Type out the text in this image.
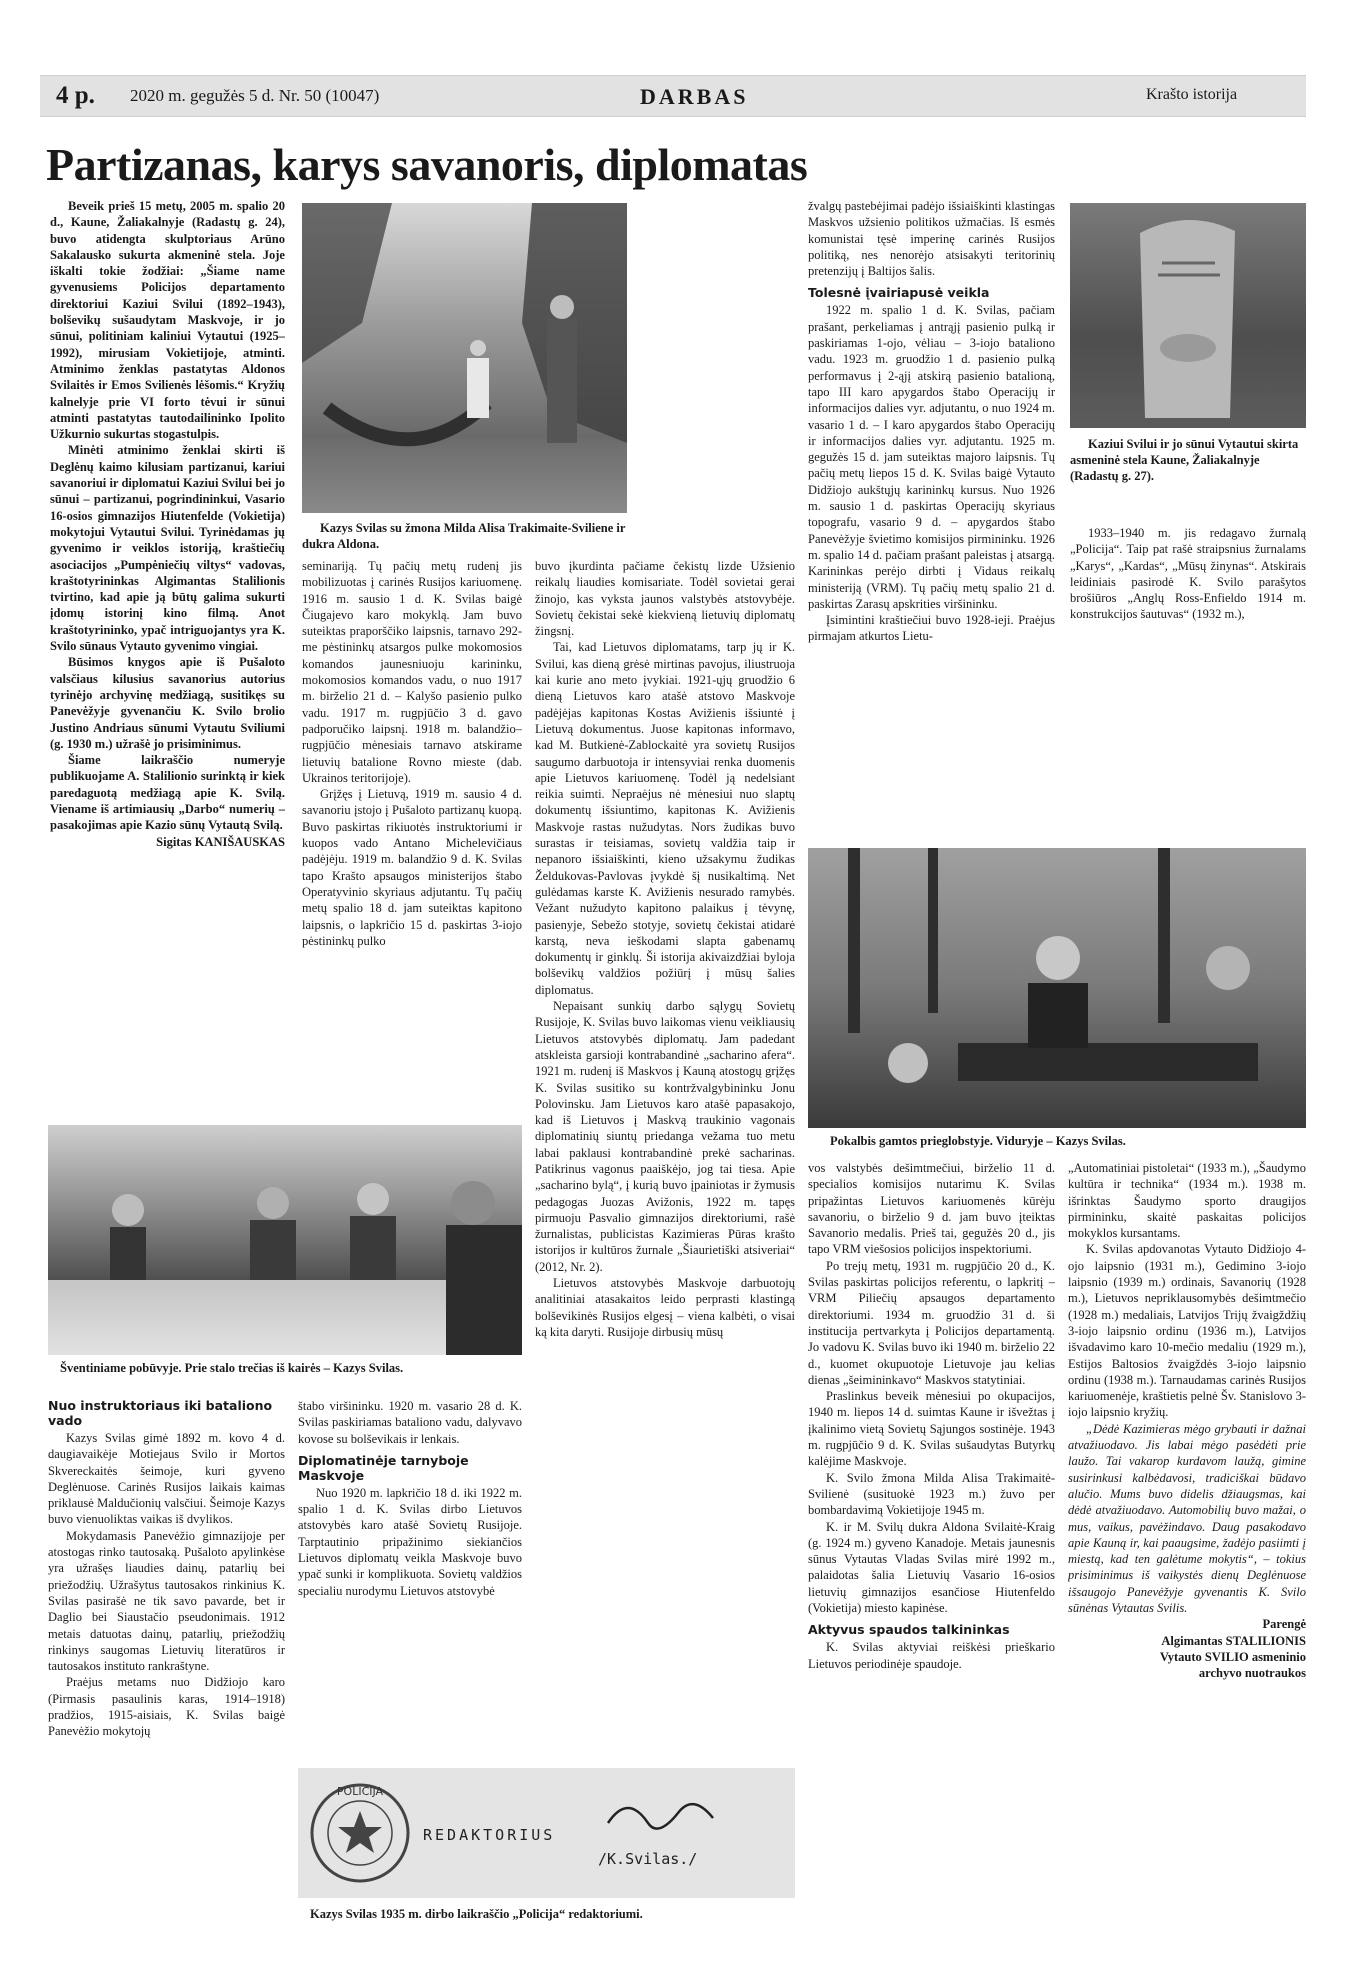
4 p. 2020 m. gegužės 5 d. Nr. 50 (10047)	DARBAS	Krašto istorija
Partizanas, karys savanoris, diplomatas

Beveik prieš 15 metų, 2005 m. spalio 20 d., Kaune, Žaliakalnyje (Radastų g. 24), buvo atidengta skulptoriaus Arūno Sakalausko sukurta akmeninė stela. Joje iškalti tokie žodžiai: „Šiame name gyvenusiems Policijos departamento direktoriui Kaziui Svilui (1892–1943), bolševikų sušaudytam Maskvoje, ir jo sūnui, politiniam kaliniui Vytautui (1925–1992), mirusiam Vokietijoje, atminti. Atminimo ženklas pastatytas Aldonos Svilaitės ir Emos Svilienės lėšomis.“ Kryžių kalnelyje prie VI forto tėvui ir sūnui atminti pastatytas tautodailininko Ipolito Užkurnio sukurtas stogastulpis.

Minėti atminimo ženklai skirti iš Deglėnų kaimo kilusiam partizanui, kariui savanoriui ir diplomatui Kaziui Svilui bei jo sūnui – partizanui, pogrindininkui, Vasario 16-osios gimnazijos Hiutenfelde (Vokietija) mokytojui Vytautui Svilui. Tyrinėdamas jų gyvenimo ir veiklos istoriją, kraštiečių asociacijos „Pumpėniečių viltys“ vadovas, kraštotyrininkas Algimantas Stalilionis tvirtino, kad apie ją būtų galima sukurti įdomų istorinį kino filmą. Anot kraštotyrininko, ypač intriguojantys yra K. Svilo sūnaus Vytauto gyvenimo vingiai.

Būsimos knygos apie iš Pušaloto valsčiaus kilusius savanorius autorius tyrinėjo archyvinę medžiagą, susitikęs su Panevėžyje gyvenančiu K. Svilo brolio Justino Andriaus sūnumi Vytautu Sviliumi (g. 1930 m.) užrašė jo prisiminimus.

Šiame laikraščio numeryje publikuojame A. Stalilionio surinktą ir kiek paredaguotą medžiagą apie K. Svilą. Viename iš artimiausių „Darbo“ numerių – pasakojimas apie Kazio sūnų Vytautą Svilą.

Sigitas KANIŠAUSKAS
Kazys Svilas su žmona Milda Alisa Trakimaite-Sviliene ir dukra Aldona.

seminariją. Tų pačių metų rudenį jis mobilizuotas į carinės Rusijos kariuomenę. 1916 m. sausio 1 d. K. Svilas baigė Čiugajevo karo mokyklą. Jam buvo suteiktas praporščiko laipsnis, tarnavo 292-me pėstininkų atsargos pulke mokomosios komandos jaunesniuoju karininku, mokomosios komandos vadu, o nuo 1917 m. birželio 21 d. – Kalyšo pasienio pulko vadu. 1917 m. rugpjūčio 3 d. gavo padporučiko laipsnį. 1918 m. balandžio–rugpjūčio mėnesiais tarnavo atskirame lietuvių batalione Rovno mieste (dab. Ukrainos teritorijoje).

Grįžęs į Lietuvą, 1919 m. sausio 4 d. savanoriu įstojo į Pušaloto partizanų kuopą. Buvo paskirtas rikiuotės instruktoriumi ir kuopos vado Antano Michelevičiaus padėjėju. 1919 m. balandžio 9 d. K. Svilas tapo Krašto apsaugos ministerijos štabo Operatyvinio skyriaus adjutantu. Tų pačių metų spalio 18 d. jam suteiktas kapitono laipsnis, o lapkričio 15 d. paskirtas 3-iojo pėstininkų pulko

buvo įkurdinta pačiame čekistų lizde Užsienio reikalų liaudies komisariate. Todėl sovietai gerai žinojo, kas vyksta jaunos valstybės atstovybėje. Sovietų čekistai sekė kiekvieną lietuvių diplomatų žingsnį.

Tai, kad Lietuvos diplomatams, tarp jų ir K. Svilui, kas dieną grėsė mirtinas pavojus, iliustruoja kai kurie ano meto įvykiai. 1921-ųjų gruodžio 6 dieną Lietuvos karo atašė atstovo Maskvoje padėjėjas kapitonas Kostas Avižienis išsiuntė į Lietuvą dokumentus. Juose kapitonas informavo, kad M. Butkienė-Zablockaitė yra sovietų Rusijos saugumo darbuotoja ir intensyviai renka duomenis apie Lietuvos kariuomenę. Todėl ją nedelsiant reikia suimti. Nepraėjus nė mėnesiui nuo slaptų dokumentų išsiuntimo, kapitonas K. Avižienis Maskvoje rastas nužudytas. Nors žudikas buvo surastas ir teisiamas, sovietų valdžia taip ir nepanoro išsiaiškinti, kieno užsakymu žudikas Želdukovas-Pavlovas įvykdė šį nusikaltimą. Net gulėdamas karste K. Avižienis nesurado ramybės. Vežant nužudyto kapitono palaikus į tėvynę, pasienyje, Sebežo stotyje, sovietų čekistai atidarė karstą, neva ieškodami slapta gabenamų dokumentų ir ginklų. Ši istorija akivaizdžiai byloja bolševikų valdžios požiūrį į mūsų šalies diplomatus.

Nepaisant sunkių darbo sąlygų Sovietų Rusijoje, K. Svilas buvo laikomas vienu veikliausių Lietuvos atstovybės diplomatų. Jam padedant atskleista garsioji kontrabandinė „sacharino afera“. 1921 m. rudenį iš Maskvos į Kauną atostogų grįžęs K. Svilas susitiko su kontržvalgybininku Jonu Polovinsku. Jam Lietuvos karo atašė papasakojo, kad iš Lietuvos į Maskvą traukinio vagonais diplomatinių siuntų priedanga vežama tuo metu labai paklausi kontrabandinė prekė sacharinas. Patikrinus vagonus paaiškėjo, jog tai tiesa. Apie „sacharino bylą“, į kurią buvo įpainiotas ir žymusis pedagogas Juozas Avižonis, 1922 m. tapęs pirmuoju Pasvalio gimnazijos direktoriumi, rašė žurnalistas, publicistas Kazimieras Pūras krašto istorijos ir kultūros žurnale „Šiaurietiški atsiveriai“ (2012, Nr. 2).

Lietuvos atstovybės Maskvoje darbuotojų analitiniai atasakaitos leido perprasti klastingą bolševikinės Rusijos elgesį – viena kalbėti, o visai ką kita daryti. Rusijoje dirbusių mūsų

žvalgų pastebėjimai padėjo išsiaiškinti klastingas Maskvos užsienio politikos užmačias. Iš esmės komunistai tęsė imperinę carinės Rusijos politiką, nes nenorėjo atsisakyti teritorinių pretenzijų į Baltijos šalis.

Tolesnė įvairiapusė veikla

1922 m. spalio 1 d. K. Svilas, pačiam prašant, perkeliamas į antrąjį pasienio pulką ir paskiriamas 1-ojo, vėliau – 3-iojo bataliono vadu. 1923 m. gruodžio 1 d. pasienio pulką performavus į 2-ąjį atskirą pasienio batalioną, tapo III karo apygardos štabo Operacijų ir informacijos dalies vyr. adjutantu, o nuo 1924 m. vasario 1 d. – I karo apygardos štabo Operacijų ir informacijos dalies vyr. adjutantu. 1925 m. gegužės 15 d. jam suteiktas majoro laipsnis. Tų pačių metų liepos 15 d. K. Svilas baigė Vytauto Didžiojo aukštųjų karininkų kursus. Nuo 1926 m. sausio 1 d. paskirtas Operacijų skyriaus topografu, vasario 9 d. – apygardos štabo Panevėžyje švietimo komisijos pirmininku. 1926 m. spalio 14 d. pačiam prašant paleistas į atsargą. Karininkas perėjo dirbti į Vidaus reikalų ministeriją (VRM). Tų pačių metų spalio 21 d. paskirtas Zarasų apskrities viršininku.

Įsimintini kraštiečiui buvo 1928-ieji. Praėjus pirmajam atkurtos Lietu-

Kaziui Svilui ir jo sūnui Vytautui skirta asmeninė stela Kaune, Žaliakalnyje (Radastų g. 27).

1933–1940 m. jis redagavo žurnalą „Policija“. Taip pat rašė straipsnius žurnalams „Karys“, „Kardas“, „Mūsų žinynas“. Atskirais leidiniais pasirodė K. Svilo parašytos brošiūros „Anglų Ross-Enfieldo 1914 m. konstrukcijos šautuvas“ (1932 m.),

Pokalbis gamtos prieglobstyje. Viduryje – Kazys Svilas.
Šventiniame pobūvyje. Prie stalo trečias iš kairės – Kazys Svilas.
Nuo instruktoriaus iki bataliono vado

Kazys Svilas gimė 1892 m. kovo 4 d. daugiavaikėje Motiejaus Svilo ir Mortos Skvereckaitės šeimoje, kuri gyveno Deglėnuose. Carinės Rusijos laikais kaimas priklausė Maldučionių valsčiui. Šeimoje Kazys buvo vienuoliktas vaikas iš dvylikos.

Mokydamasis Panevėžio gimnazijoje per atostogas rinko tautosaką. Pušaloto apylinkėse yra užrašęs liaudies dainų, patarlių bei priežodžių. Užrašytus tautosakos rinkinius K. Svilas pasirašė ne tik savo pavarde, bet ir Daglio bei Siaustačio pseudonimais. 1912 metais datuotas dainų, patarlių, priežodžių rinkinys saugomas Lietuvių literatūros ir tautosakos instituto rankraštyne.

Praėjus metams nuo Didžiojo karo (Pirmasis pasaulinis karas, 1914–1918) pradžios, 1915-aisiais, K. Svilas baigė Panevėžio mokytojų

štabo viršininku. 1920 m. vasario 28 d. K. Svilas paskiriamas bataliono vadu, dalyvavo kovose su bolševikais ir lenkais.

Diplomatinėje tarnyboje Maskvoje

Nuo 1920 m. lapkričio 18 d. iki 1922 m. spalio 1 d. K. Svilas dirbo Lietuvos atstovybės karo atašė Sovietų Rusijoje. Tarptautinio pripažinimo siekiančios Lietuvos diplomatų veikla Maskvoje buvo ypač sunki ir komplikuota. Sovietų valdžios specialiu nurodymu Lietuvos atstovybė

POLICIJA
REDAKTORIUS
/K.Svilas./
Kazys Svilas 1935 m. dirbo laikraščio „Policija“ redaktoriumi.

vos valstybės dešimtmečiui, birželio 11 d. specialios komisijos nutarimu K. Svilas pripažintas Lietuvos kariuomenės kūrėju savanoriu, o birželio 9 d. jam buvo įteiktas Savanorio medalis. Prieš tai, gegužės 20 d., jis tapo VRM viešosios policijos inspektoriumi.

Po trejų metų, 1931 m. rugpjūčio 20 d., K. Svilas paskirtas policijos referentu, o lapkritį – VRM Piliečių apsaugos departamento direktoriumi. 1934 m. gruodžio 31 d. ši institucija pertvarkyta į Policijos departamentą. Jo vadovu K. Svilas buvo iki 1940 m. birželio 22 d., kuomet okupuotoje Lietuvoje jau kelias dienas „šeimininkavo“ Maskvos statytiniai.

Praslinkus beveik mėnesiui po okupacijos, 1940 m. liepos 14 d. suimtas Kaune ir išvežtas į įkalinimo vietą Sovietų Sąjungos sostinėje. 1943 m. rugpjūčio 9 d. K. Svilas sušaudytas Butyrkų kalėjime Maskvoje.

K. Svilo žmona Milda Alisa Trakimaitė-Svilienė (susituokė 1923 m.) žuvo per bombardavimą Vokietijoje 1945 m.

K. ir M. Svilų dukra Aldona Svilaitė-Kraig (g. 1924 m.) gyveno Kanadoje. Metais jaunesnis sūnus Vytautas Vladas Svilas mirė 1992 m., palaidotas šalia Lietuvių Vasario 16-osios lietuvių gimnazijos esančiose Hiutenfeldo (Vokietija) miesto kapinėse.

Aktyvus spaudos talkininkas

K. Svilas aktyviai reiškėsi prieškario Lietuvos periodinėje spaudoje.

„Automatiniai pistoletai“ (1933 m.), „Šaudymo kultūra ir technika“ (1934 m.). 1938 m. išrinktas Šaudymo sporto draugijos pirmininku, skaitė paskaitas policijos mokyklos kursantams.

K. Svilas apdovanotas Vytauto Didžiojo 4-ojo laipsnio (1931 m.), Gedimino 3-iojo laipsnio (1939 m.) ordinais, Savanorių (1928 m.), Lietuvos nepriklausomybės dešimtmečio (1928 m.) medaliais, Latvijos Trijų žvaigždžių 3-iojo laipsnio ordinu (1936 m.), Latvijos išvadavimo karo 10-mečio medaliu (1929 m.), Estijos Baltosios žvaigždės 3-iojo laipsnio ordinu (1938 m.). Tarnaudamas carinės Rusijos kariuomenėje, kraštietis pelnė Šv. Stanislovo 3-iojo laipsnio kryžių.

„Dėdė Kazimieras mėgo grybauti ir dažnai atvažiuodavo. Jis labai mėgo pasėdėti prie laužo. Tai vakarop kurdavom laužą, gimine susirinkusi kalbėdavosi, tradiciškai būdavo alučio. Mums buvo didelis džiaugsmas, kai dėdė atvažiuodavo. Automobilių buvo mažai, o mus, vaikus, pavėžindavo. Daug pasakodavo apie Kauną ir, kai paaugsime, žadėjo pasiimti į miestą, kad ten galėtume mokytis“, – tokius prisiminimus iš vaikystės dienų Deglėnuose išsaugojo Panevėžyje gyvenantis K. Svilo sūnėnas Vytautas Svilis.

Parengė
Algimantas STALILIONIS
Vytauto SVILIO asmeninio
archyvo nuotraukos
